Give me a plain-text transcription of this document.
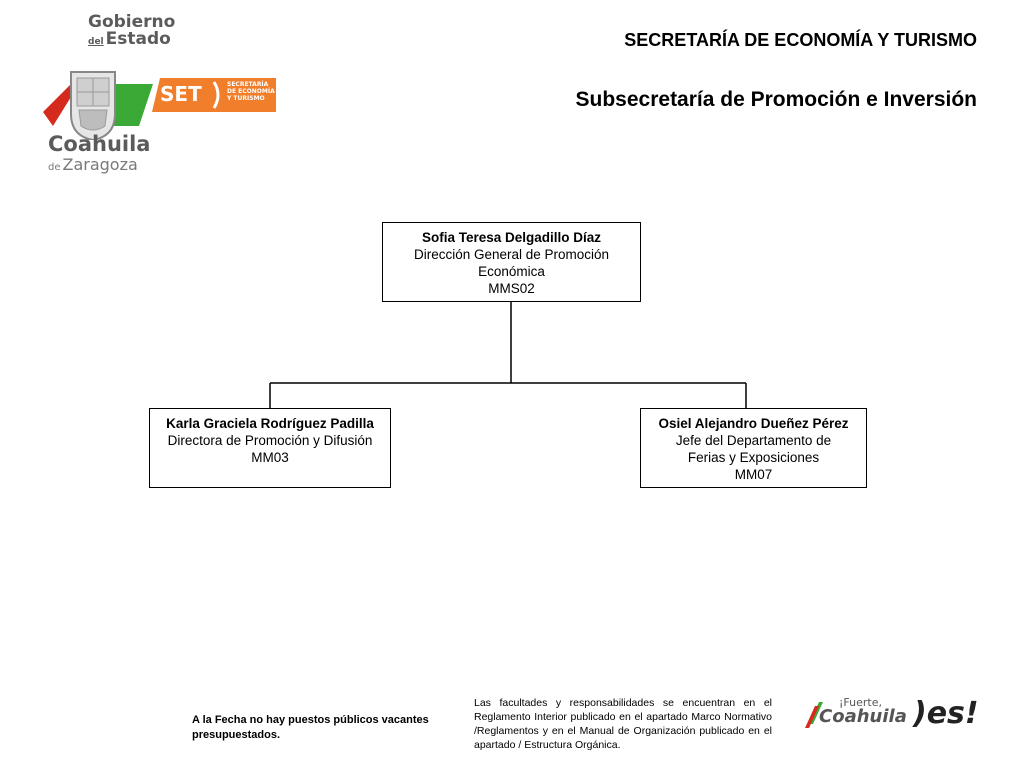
Gobierno
del Estado
Coahuila
de Zaragoza
SET	SECRETARÍA
DE ECONOMÍA
Y TURISMO
SECRETARÍA DE ECONOMÍA Y TURISMO
Subsecretaría de Promoción e Inversión
Sofia Teresa Delgadillo Díaz
Dirección General de Promoción
Económica
MMS02
Karla Graciela Rodríguez Padilla
Directora de Promoción y Difusión
MM03
Osiel Alejandro Dueñez Pérez
Jefe del Departamento de
Ferias y Exposiciones
MM07
A la Fecha no hay puestos públicos vacantes presupuestados.
Las facultades y responsabilidades se encuentran en el Reglamento Interior publicado en el apartado Marco Normativo /Reglamentos y en el Manual de Organización publicado en el apartado / Estructura Orgánica.
¡Fuerte,
Coahuila )es!
